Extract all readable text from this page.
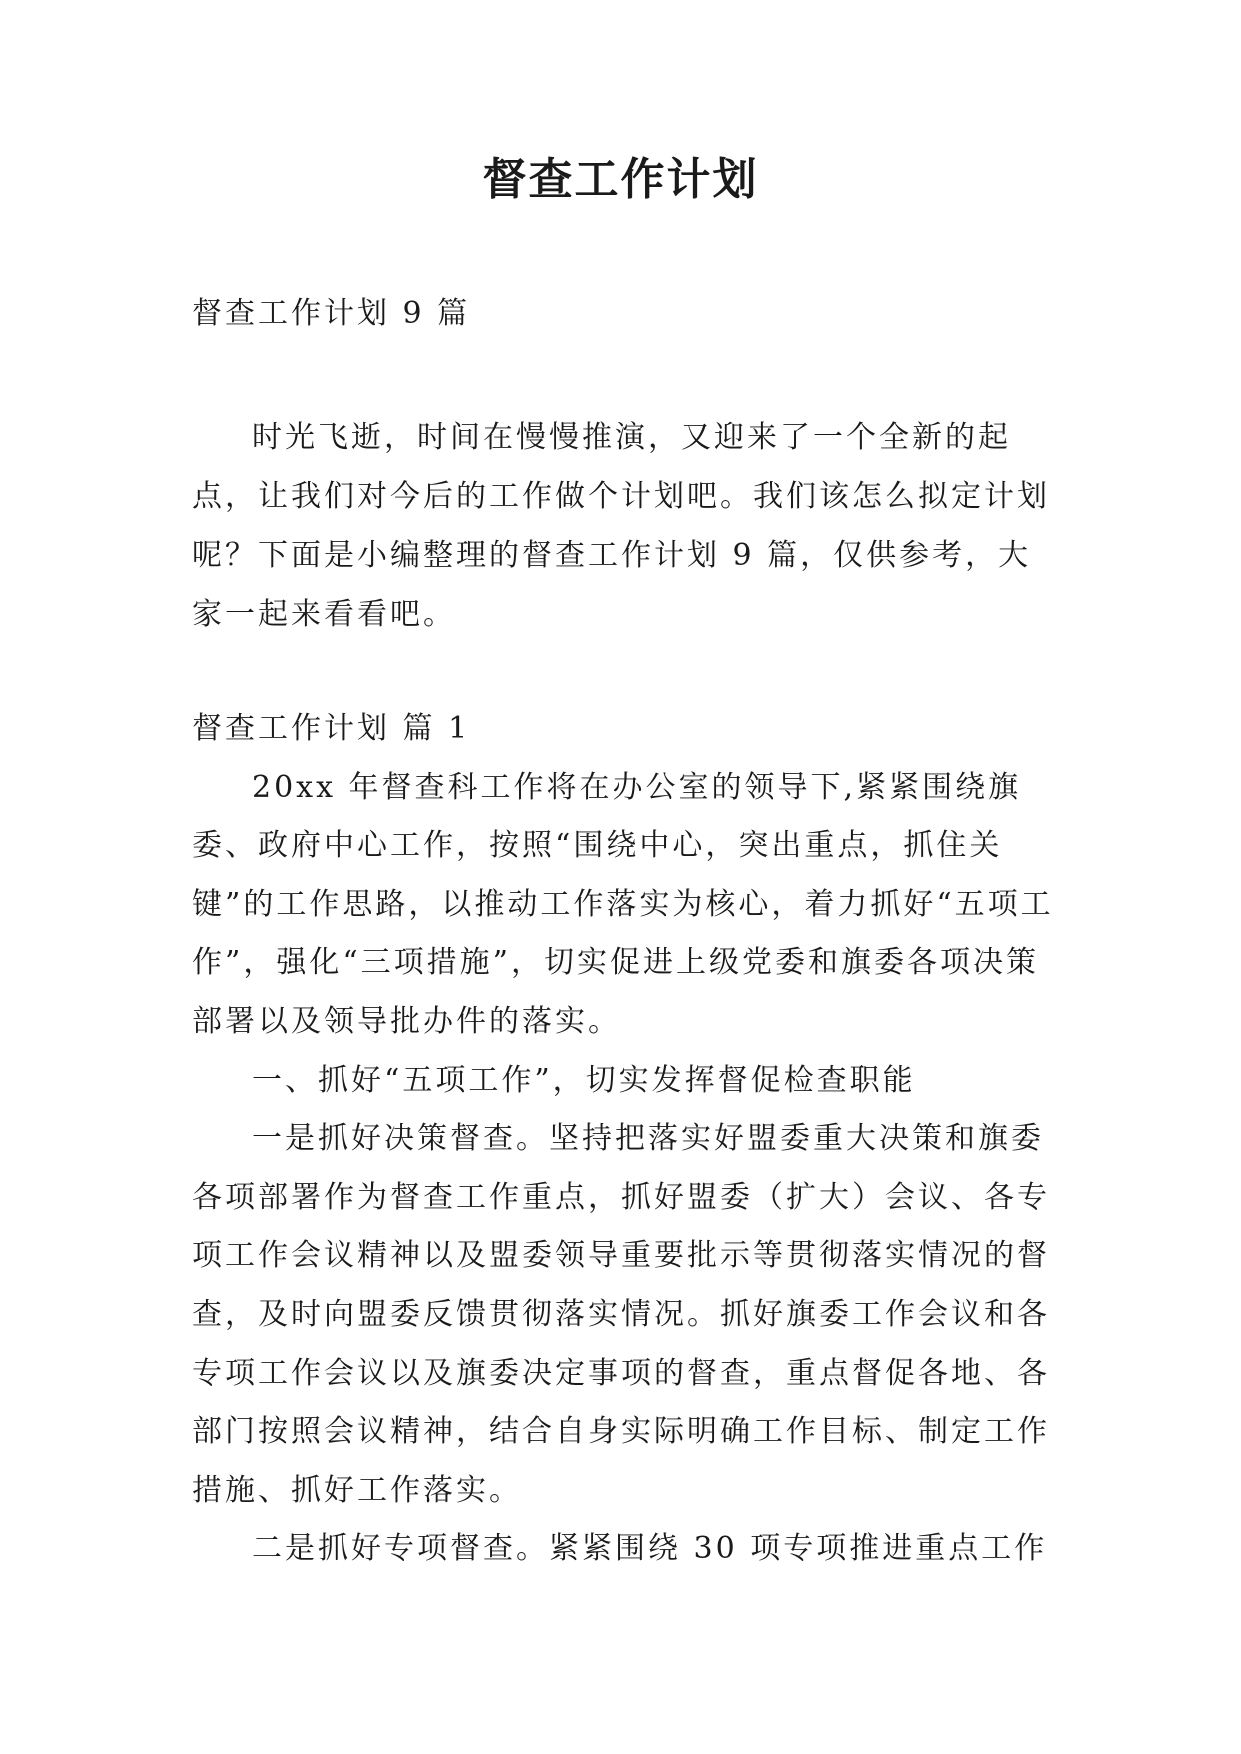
督查工作计划

督查工作计划 9 篇

时光飞逝，时间在慢慢推演，又迎来了一个全新的起点，让我们对今后的工作做个计划吧。我们该怎么拟定计划呢？下面是小编整理的督查工作计划 9 篇，仅供参考，大家一起来看看吧。

督查工作计划 篇 1

20xx 年督查科工作将在办公室的领导下,紧紧围绕旗委、政府中心工作，按照“围绕中心，突出重点，抓住关键”的工作思路，以推动工作落实为核心，着力抓好“五项工作”，强化“三项措施”，切实促进上级党委和旗委各项决策部署以及领导批办件的落实。

一、抓好“五项工作”，切实发挥督促检查职能

一是抓好决策督查。坚持把落实好盟委重大决策和旗委各项部署作为督查工作重点，抓好盟委（扩大）会议、各专项工作会议精神以及盟委领导重要批示等贯彻落实情况的督查，及时向盟委反馈贯彻落实情况。抓好旗委工作会议和各专项工作会议以及旗委决定事项的督查，重点督促各地、各部门按照会议精神，结合自身实际明确工作目标、制定工作措施、抓好工作落实。

二是抓好专项督查。紧紧围绕 30 项专项推进重点工作
